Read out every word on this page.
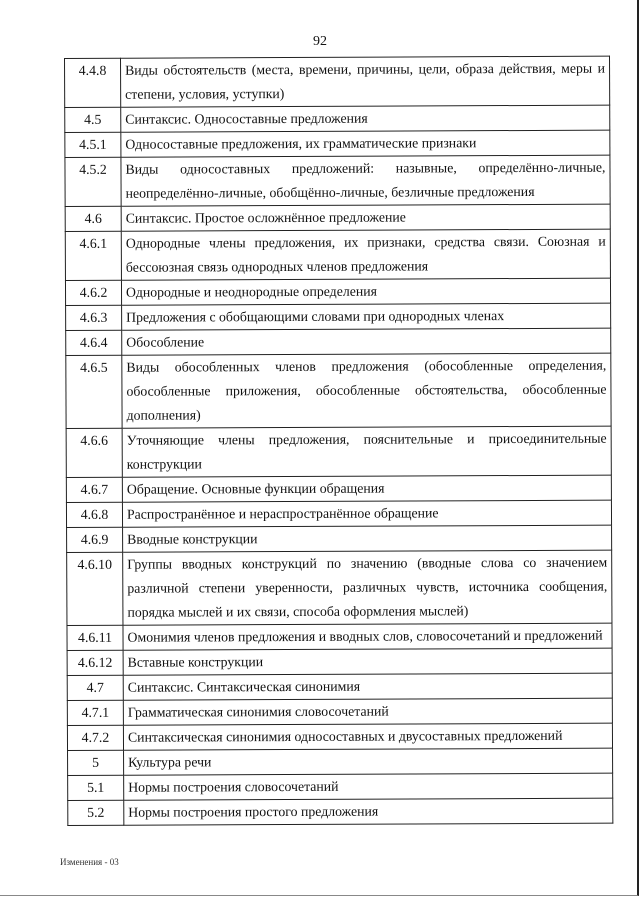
92
4.4.8	Виды обстоятельств (места, времени, причины, цели, образа действия, меры и степени, условия, уступки)
4.5	Синтаксис. Односоставные предложения
4.5.1	Односоставные предложения, их грамматические признаки
4.5.2	Виды односоставных предложений: назывные, определённо-личные, неопределённо-личные, обобщённо-личные, безличные предложения
4.6	Синтаксис. Простое осложнённое предложение
4.6.1	Однородные члены предложения, их признаки, средства связи. Союзная и бессоюзная связь однородных членов предложения
4.6.2	Однородные и неоднородные определения
4.6.3	Предложения с обобщающими словами при однородных членах
4.6.4	Обособление
4.6.5	Виды обособленных членов предложения (обособленные определения, обособленные приложения, обособленные обстоятельства, обособленные дополнения)
4.6.6	Уточняющие члены предложения, пояснительные и присоединительные конструкции
4.6.7	Обращение. Основные функции обращения
4.6.8	Распространённое и нераспространённое обращение
4.6.9	Вводные конструкции
4.6.10	Группы вводных конструкций по значению (вводные слова со значением различной степени уверенности, различных чувств, источника сообщения, порядка мыслей и их связи, способа оформления мыслей)
4.6.11	Омонимия членов предложения и вводных слов, словосочетаний и предложений
4.6.12	Вставные конструкции
4.7	Синтаксис. Синтаксическая синонимия
4.7.1	Грамматическая синонимия словосочетаний
4.7.2	Синтаксическая синонимия односоставных и двусоставных предложений
5	Культура речи
5.1	Нормы построения словосочетаний
5.2	Нормы построения простого предложения
Изменения - 03
